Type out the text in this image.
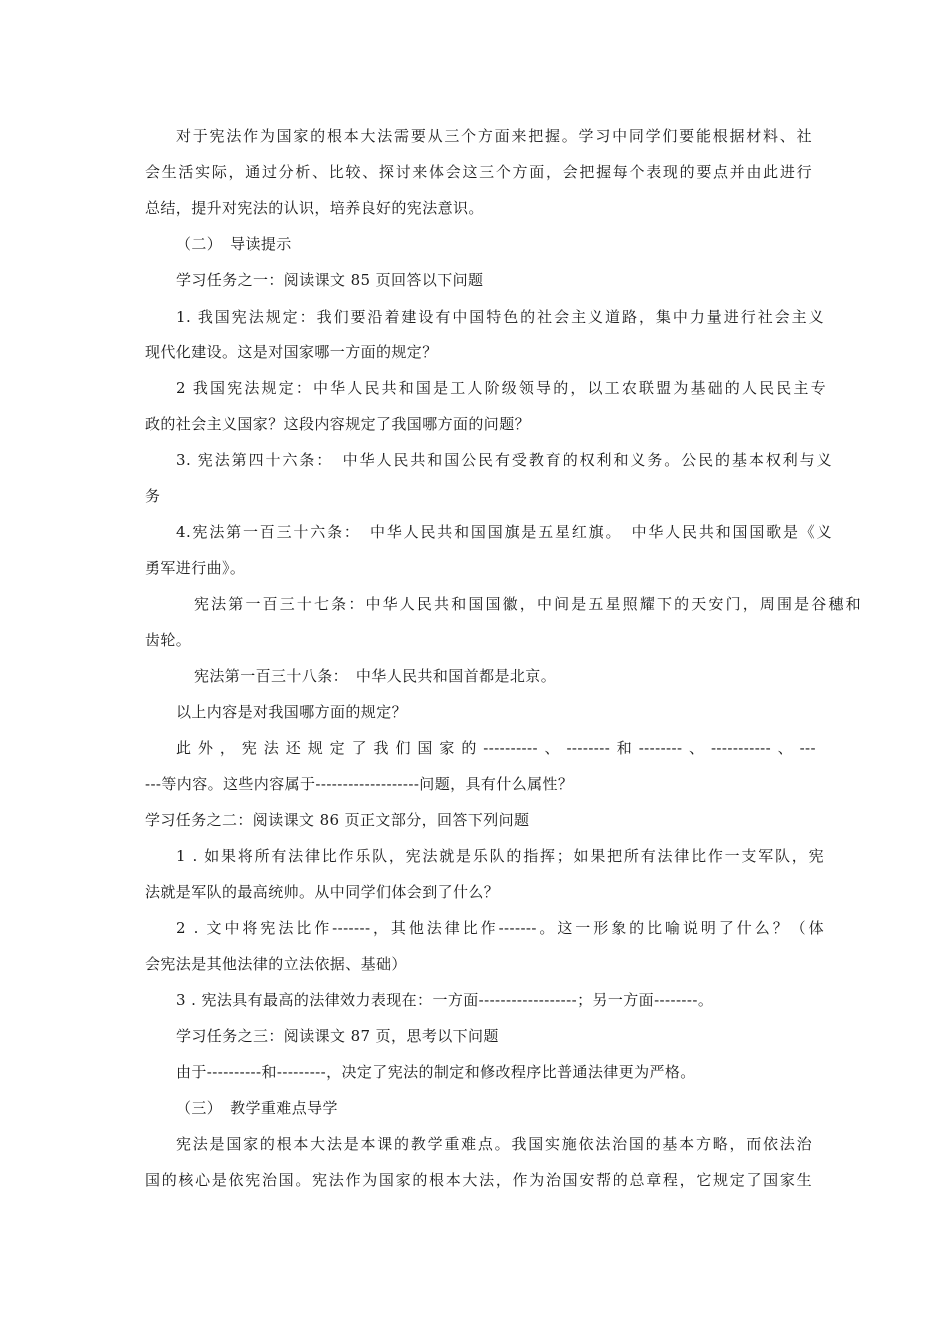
对于宪法作为国家的根本大法需要从三个方面来把握。学习中同学们要能根据材料、社
会生活实际，通过分析、比较、探讨来体会这三个方面，会把握每个表现的要点并由此进行
总结，提升对宪法的认识，培养良好的宪法意识。
（二）　导读提示
学习任务之一：阅读课文 85 页回答以下问题
1. 我国宪法规定：我们要沿着建设有中国特色的社会主义道路，集中力量进行社会主义
现代化建设。这是对国家哪一方面的规定？
2 我国宪法规定：中华人民共和国是工人阶级领导的，以工农联盟为基础的人民民主专
政的社会主义国家？这段内容规定了我国哪方面的问题？
3. 宪法第四十六条：　中华人民共和国公民有受教育的权利和义务。公民的基本权利与义
务
4.宪法第一百三十六条：　中华人民共和国国旗是五星红旗。　中华人民共和国国歌是《义
勇军进行曲》。
宪法第一百三十七条：中华人民共和国国徽，中间是五星照耀下的天安门，周围是谷穗和
齿轮。
宪法第一百三十八条：　中华人民共和国首都是北京。
以上内容是对我国哪方面的规定？
此外，宪法还规定了我们国家的----------、--------和--------、-----------、---
---等内容。这些内容属于-------------------问题，具有什么属性？
学习任务之二：阅读课文 86 页正文部分，回答下列问题
1 . 如果将所有法律比作乐队，宪法就是乐队的指挥；如果把所有法律比作一支军队，宪
法就是军队的最高统帅。从中同学们体会到了什么？
2 . 文中将宪法比作-------，其他法律比作-------。这一形象的比喻说明了什么？（体
会宪法是其他法律的立法依据、基础）
3 . 宪法具有最高的法律效力表现在：一方面------------------；另一方面--------。
学习任务之三：阅读课文 87 页，思考以下问题
由于----------和---------，决定了宪法的制定和修改程序比普通法律更为严格。
（三）　教学重难点导学
宪法是国家的根本大法是本课的教学重难点。我国实施依法治国的基本方略，而依法治
国的核心是依宪治国。宪法作为国家的根本大法，作为治国安帮的总章程，它规定了国家生
